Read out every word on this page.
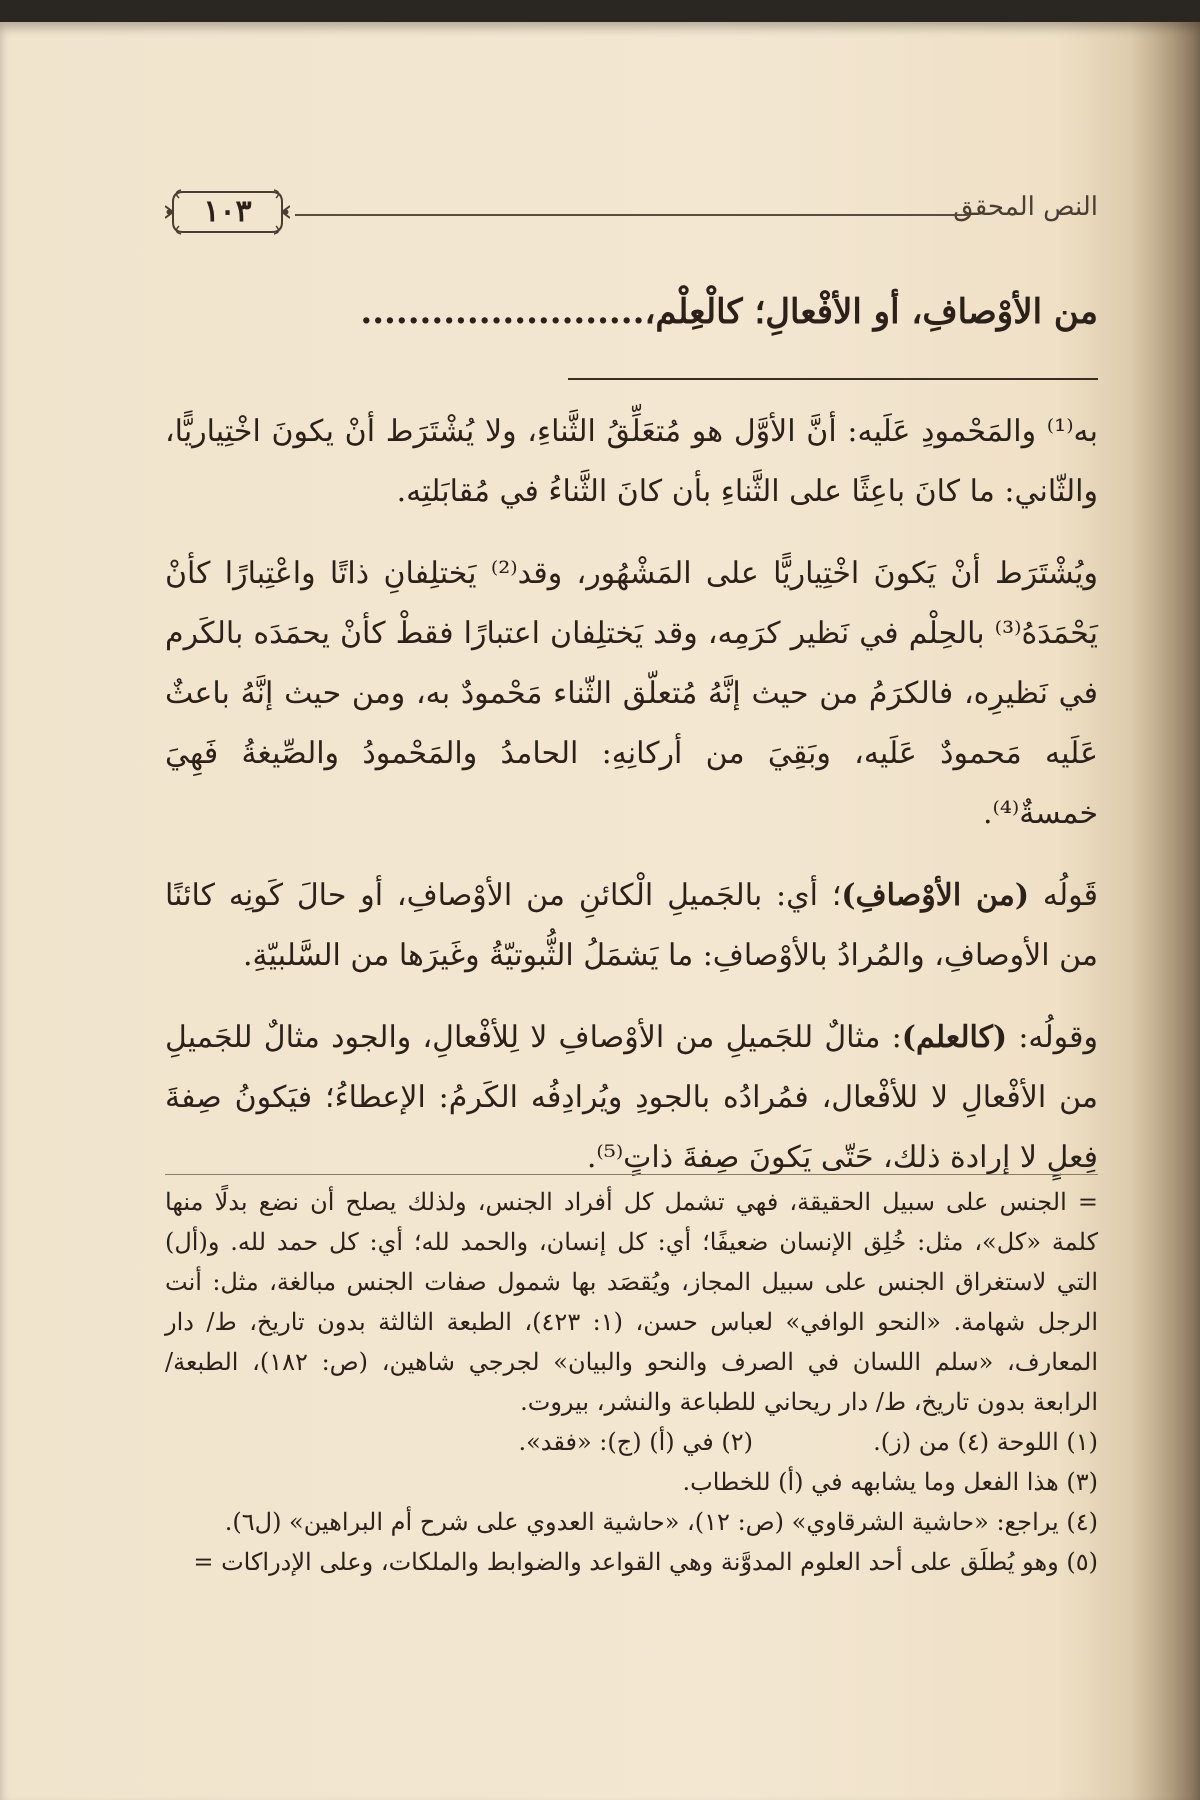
النص المحقق
١٠٣
من الأوْصافِ، أو الأفْعالِ؛ كالْعِلْم،........................

به⁽¹⁾ والمَحْمودِ عَلَيه: أنَّ الأوَّل هو مُتعَلِّقُ الثَّناءِ، ولا يُشْتَرَط أنْ يكونَ اخْتِياريًّا، والثّاني: ما كانَ باعِثًا على الثَّناءِ بأن كانَ الثَّناءُ في مُقابَلتِه.

ويُشْتَرَط أنْ يَكونَ اخْتِياريًّا على المَشْهُور، وقد⁽²⁾ يَختلِفانِ ذاتًا واعْتِبارًا كأنْ يَحْمَدَهُ⁽³⁾ بالحِلْم في نَظير كرَمِه، وقد يَختلِفان اعتبارًا فقطْ كأنْ يحمَدَه بالكَرم في نَظيرِه، فالكرَمُ من حيث إنَّهُ مُتعلّق الثّناء مَحْمودٌ به، ومن حيث إنَّهُ باعثٌ عَلَيه مَحمودٌ عَلَيه، وبَقِيَ من أركانِهِ: الحامدُ والمَحْمودُ والصِّيغةُ فَهِيَ خمسةٌ⁽⁴⁾.

قَولُه (من الأوْصافِ)؛ أي: بالجَميلِ الْكائنِ من الأوْصافِ، أو حالَ كَونِه كائنًا من الأوصافِ، والمُرادُ بالأوْصافِ: ما يَشمَلُ الثُّبوتيّةُ وغَيرَها من السَّلبيّةِ.

وقولُه: (كالعلم): مثالٌ للجَميلِ من الأوْصافِ لا لِلأفْعالِ، والجود مثالٌ للجَميلِ من الأفْعالِ لا للأفْعال، فمُرادُه بالجودِ ويُرادِفُه الكَرمُ: الإعطاءُ؛ فيَكونُ صِفةَ فِعلٍ لا إرادة ذلك، حَتّى يَكونَ صِفةَ ذاتٍ⁽⁵⁾.

= الجنس على سبيل الحقيقة، فهي تشمل كل أفراد الجنس، ولذلك يصلح أن نضع بدلًا منها كلمة «كل»، مثل: خُلِق الإنسان ضعيفًا؛ أي: كل إنسان، والحمد لله؛ أي: كل حمد لله. و(أل) التي لاستغراق الجنس على سبيل المجاز، ويُقصَد بها شمول صفات الجنس مبالغة، مثل: أنت الرجل شهامة. «النحو الوافي» لعباس حسن، (١: ٤٢٣)، الطبعة الثالثة بدون تاريخ، ط/ دار المعارف، «سلم اللسان في الصرف والنحو والبيان» لجرجي شاهين، (ص: ١٨٢)، الطبعة/ الرابعة بدون تاريخ، ط/ دار ريحاني للطباعة والنشر، بيروت.

(١) اللوحة (٤) من (ز).
(٢) في (أ) (ج): «فقد».

(٣) هذا الفعل وما يشابهه في (أ) للخطاب.

(٤) يراجع: «حاشية الشرقاوي» (ص: ١٢)، «حاشية العدوي على شرح أم البراهين» (ل٦).

(٥) وهو يُطلَق على أحد العلوم المدوَّنة وهي القواعد والضوابط والملكات، وعلى الإدراكات =
